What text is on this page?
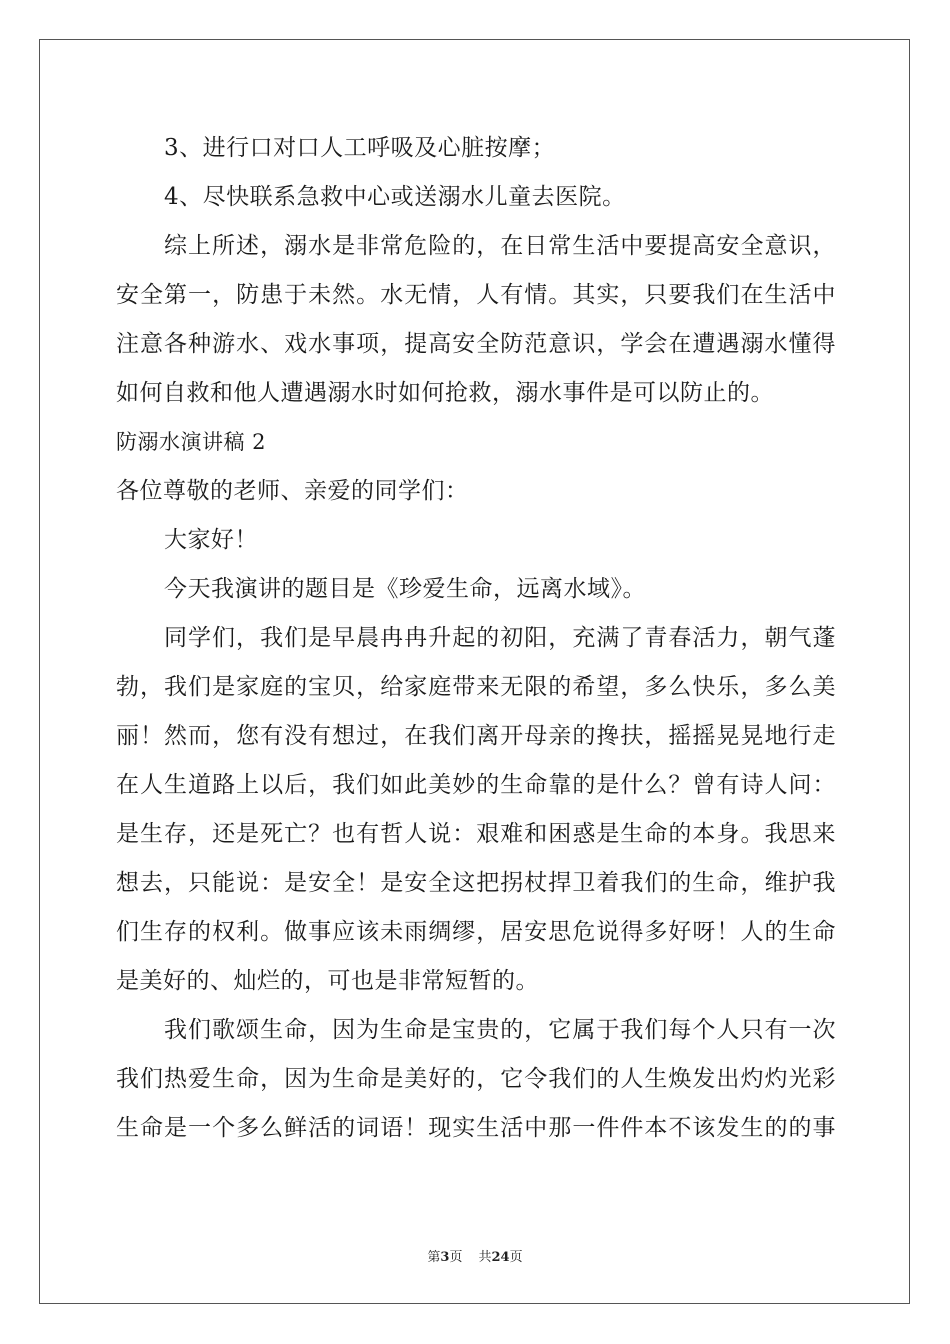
3、进行口对口人工呼吸及心脏按摩；
4、尽快联系急救中心或送溺水儿童去医院。
综上所述，溺水是非常危险的，在日常生活中要提高安全意识，
安全第一，防患于未然。水无情，人有情。其实，只要我们在生活中
注意各种游水、戏水事项，提高安全防范意识，学会在遭遇溺水懂得
如何自救和他人遭遇溺水时如何抢救，溺水事件是可以防止的。
防溺水演讲稿 2
各位尊敬的老师、亲爱的同学们：
大家好！
今天我演讲的题目是《珍爱生命，远离水域》。
同学们，我们是早晨冉冉升起的初阳，充满了青春活力，朝气蓬
勃，我们是家庭的宝贝，给家庭带来无限的希望，多么快乐，多么美
丽！然而，您有没有想过，在我们离开母亲的搀扶，摇摇晃晃地行走
在人生道路上以后，我们如此美妙的生命靠的是什么？曾有诗人问：
是生存，还是死亡？也有哲人说：艰难和困惑是生命的本身。我思来
想去，只能说：是安全！是安全这把拐杖捍卫着我们的生命，维护我
们生存的权利。做事应该未雨绸缪，居安思危说得多好呀！人的生命
是美好的、灿烂的，可也是非常短暂的。
我们歌颂生命，因为生命是宝贵的，它属于我们每个人只有一次
我们热爱生命，因为生命是美好的，它令我们的人生焕发出灼灼光彩
生命是一个多么鲜活的词语！现实生活中那一件件本不该发生的的事
第3页 共24页
